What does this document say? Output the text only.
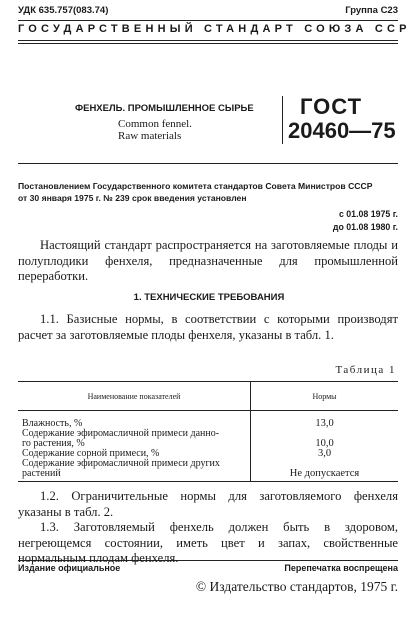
УДК 635.757(083.74)	Группа С23
ГОСУДАРСТВЕННЫЙ СТАНДАРТ СОЮЗА ССР
ФЕНХЕЛЬ. ПРОМЫШЛЕННОЕ СЫРЬЕ
Common fennel.
Raw materials
ГОСТ
20460—75
Постановлением Государственного комитета стандартов Совета Министров СССР
от 30 января 1975 г. № 239 срок введения установлен
с 01.08 1975 г.
до 01.08 1980 г.
Настоящий стандарт распространяется на заготовляемые плоды и полуплодики фенхеля, предназначенные для промышленной переработки.
1. ТЕХНИЧЕСКИЕ ТРЕБОВАНИЯ
1.1. Базисные нормы, в соответствии с которыми производят расчет за заготовляемые плоды фенхеля, указаны в табл. 1.
Таблица 1
Наименование показателей	Нормы

Влажность, %	13,0

Содержание эфиромасличной примеси данно-
го растения, %	10,0
Содержание сорной примеси, %	3,0

Содержание эфиромасличной примеси других
растений	Не допускается
1.2. Ограничительные нормы для заготовляемого фенхеля указаны в табл. 2.
1.3. Заготовляемый фенхель должен быть в здоровом, негреющемся состоянии, иметь цвет и запах, свойственные нормальным плодам фенхеля.
Издание официальное	Перепечатка воспрещена
© Издательство стандартов, 1975 г.
